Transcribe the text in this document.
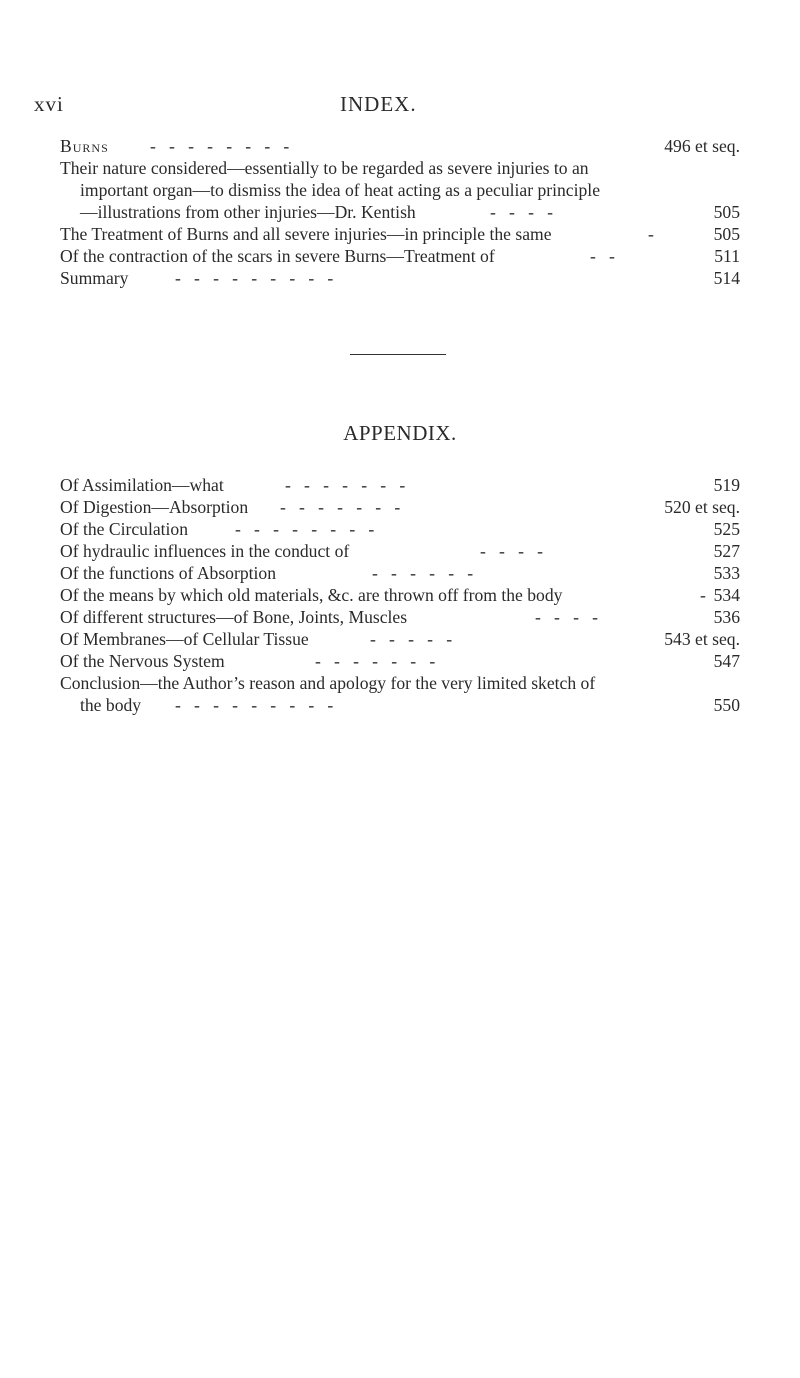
xvi	INDEX.
Burns -   -   -   -   -   -   -   -	496 et seq.
Their nature considered—essentially to be regarded as severe injuries to an
important organ—to dismiss the idea of heat acting as a peculiar principle
—illustrations from other injuries—Dr. Kentish	-   -   -   -	505
The Treatment of Burns and all severe injuries—in principle the same	-	505
Of the contraction of the scars in severe Burns—Treatment of	-   -	511
Summary	-   -   -   -   -   -   -   -   -	514
APPENDIX.
Of Assimilation—what	-   -   -   -   -   -   -	519
Of Digestion—Absorption -   -   -   -   -   -   -	520 et seq.
Of the Circulation	-   -   -   -   -   -   -   -	525
Of hydraulic influences in the conduct of	-   -   -   -	527
Of the functions of Absorption	-   -   -   -   -   -	533
Of the means by which old materials, &c. are thrown off from the body	- 534
Of different structures—of Bone, Joints, Muscles	-   -   -   -	536
Of Membranes—of Cellular Tissue	-   -   -   -   -	543 et seq.
Of the Nervous System	-   -   -   -   -   -   -	547
Conclusion—the Author’s reason and apology for the very limited sketch of
the body -   -   -   -   -   -   -   -   -	550
